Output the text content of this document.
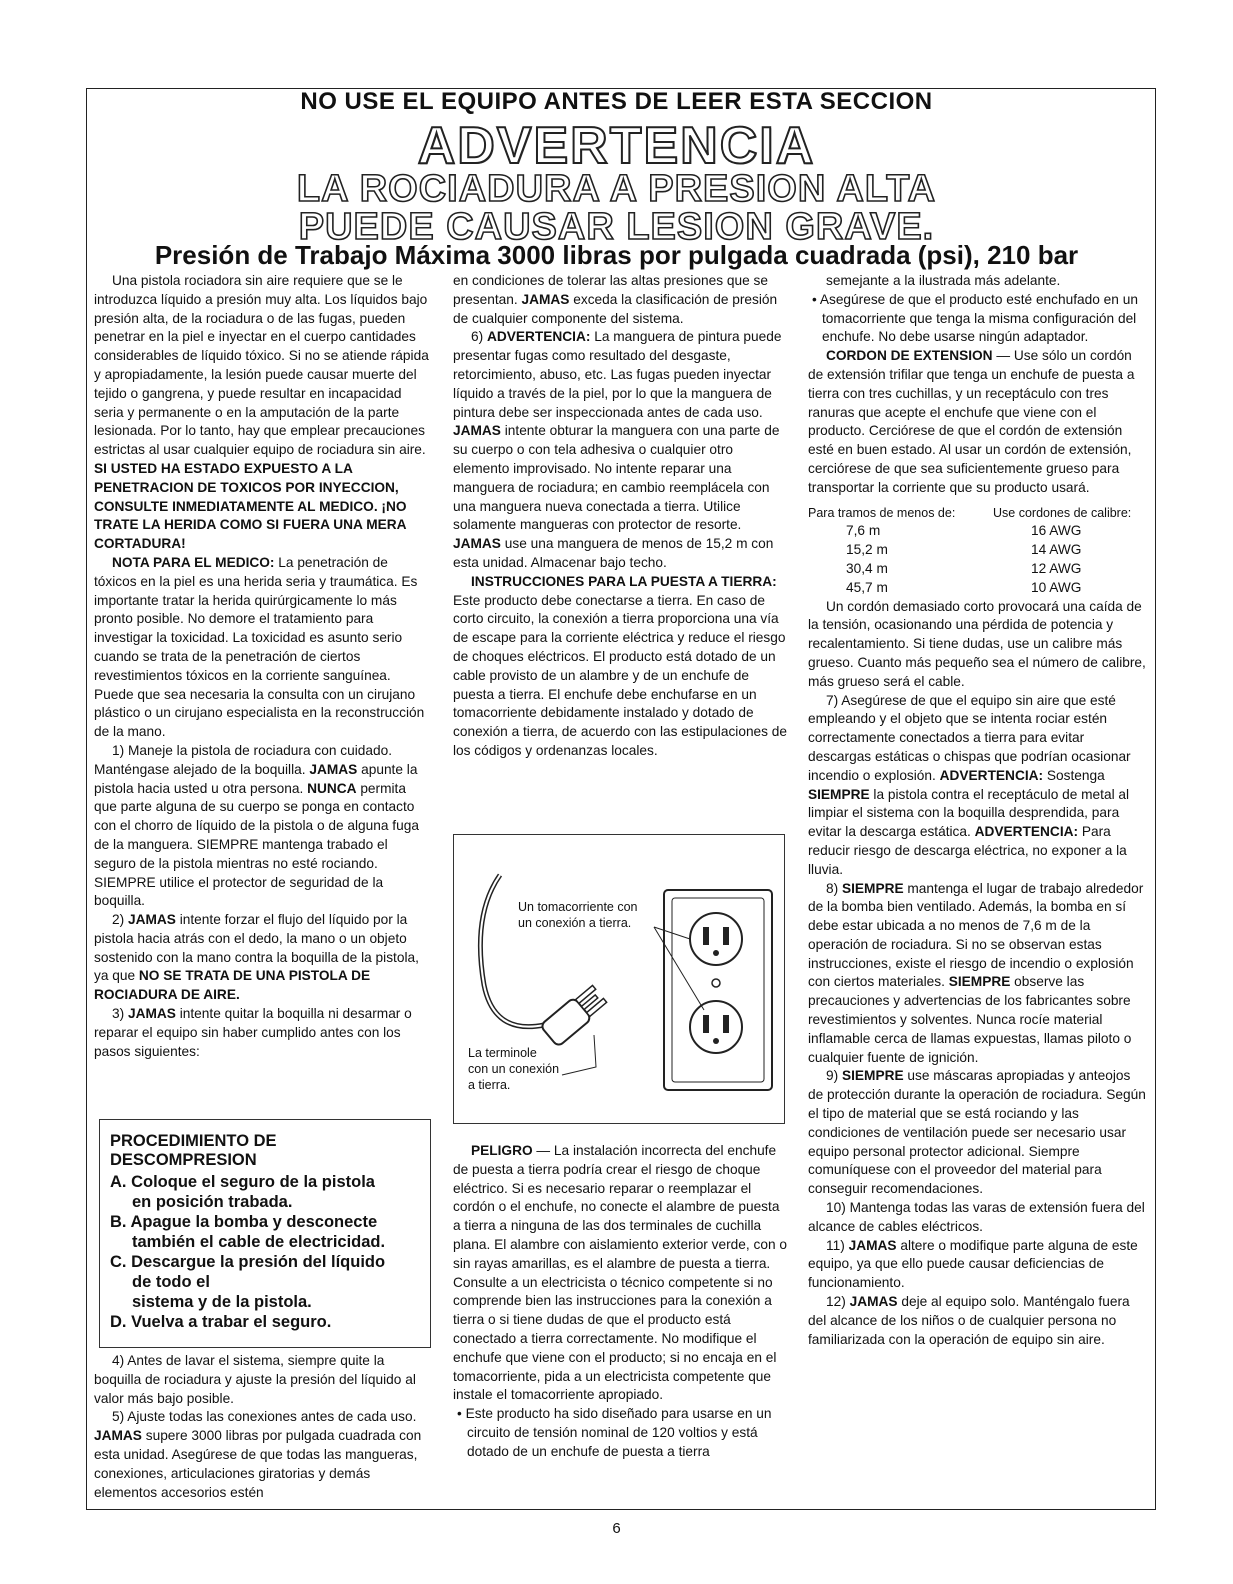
NO USE EL EQUIPO ANTES DE LEER ESTA SECCION
ADVERTENCIA
LA ROCIADURA A PRESION ALTA
PUEDE CAUSAR LESION GRAVE.
Presión de Trabajo Máxima 3000 libras por pulgada cuadrada (psi), 210 bar

Una pistola rociadora sin aire requiere que se le introduzca líquido a presión muy alta. Los líquidos bajo presión alta, de la rociadura o de las fugas, pueden penetrar en la piel e inyectar en el cuerpo cantidades considerables de líquido tóxico. Si no se atiende rápida y apropiadamente, la lesión puede causar muerte del tejido o gangrena, y puede resultar en incapacidad seria y permanente o en la amputación de la parte lesionada. Por lo tanto, hay que emplear precauciones estrictas al usar cualquier equipo de rociadura sin aire. SI USTED HA ESTADO EXPUESTO A LA PENETRACION DE TOXICOS POR INYECCION, CONSULTE INMEDIATAMENTE AL MEDICO. ¡NO TRATE LA HERIDA COMO SI FUERA UNA MERA CORTADURA!

NOTA PARA EL MEDICO: La penetración de tóxicos en la piel es una herida seria y traumática. Es importante tratar la herida quirúrgicamente lo más pronto posible. No demore el tratamiento para investigar la toxicidad. La toxicidad es asunto serio cuando se trata de la penetración de ciertos revestimientos tóxicos en la corriente sanguínea. Puede que sea necesaria la consulta con un cirujano plástico o un cirujano especialista en la reconstrucción de la mano.

1) Maneje la pistola de rociadura con cuidado. Manténgase alejado de la boquilla. JAMAS apunte la pistola hacia usted u otra persona. NUNCA permita que parte alguna de su cuerpo se ponga en contacto con el chorro de líquido de la pistola o de alguna fuga de la manguera. SIEMPRE mantenga trabado el seguro de la pistola mientras no esté rociando. SIEMPRE utilice el protector de seguridad de la boquilla.

2) JAMAS intente forzar el flujo del líquido por la pistola hacia atrás con el dedo, la mano o un objeto sostenido con la mano contra la boquilla de la pistola, ya que NO SE TRATA DE UNA PISTOLA DE ROCIADURA DE AIRE.

3) JAMAS intente quitar la boquilla ni desarmar o reparar el equipo sin haber cumplido antes con los pasos siguientes:

PROCEDIMIENTO DE
DESCOMPRESION
A. Coloque el seguro de la pistola
en posición trabada.
B. Apague la bomba y desconecte
también el cable de electricidad.
C. Descargue la presión del líquido
de todo el
sistema y de la pistola.
D. Vuelva a trabar el seguro.

4) Antes de lavar el sistema, siempre quite la boquilla de rociadura y ajuste la presión del líquido al valor más bajo posible.

5) Ajuste todas las conexiones antes de cada uso. JAMAS supere 3000 libras por pulgada cuadrada con esta unidad. Asegúrese de que todas las mangueras, conexiones, articulaciones giratorias y demás elementos accesorios estén

en condiciones de tolerar las altas presiones que se presentan. JAMAS exceda la clasificación de presión de cualquier componente del sistema.

6) ADVERTENCIA: La manguera de pintura puede presentar fugas como resultado del desgaste, retorcimiento, abuso, etc. Las fugas pueden inyectar líquido a través de la piel, por lo que la manguera de pintura debe ser inspeccionada antes de cada uso. JAMAS intente obturar la manguera con una parte de su cuerpo o con tela adhesiva o cualquier otro elemento improvisado. No intente reparar una manguera de rociadura; en cambio reemplácela con una manguera nueva conectada a tierra. Utilice solamente mangueras con protector de resorte. JAMAS use una manguera de menos de 15,2 m con esta unidad. Almacenar bajo techo.

INSTRUCCIONES PARA LA PUESTA A TIERRA: Este producto debe conectarse a tierra. En caso de corto circuito, la conexión a tierra proporciona una vía de escape para la corriente eléctrica y reduce el riesgo de choques eléctricos. El producto está dotado de un cable provisto de un alambre y de un enchufe de puesta a tierra. El enchufe debe enchufarse en un tomacorriente debidamente instalado y dotado de conexión a tierra, de acuerdo con las estipulaciones de los códigos y ordenanzas locales.

Un tomacorriente con
un conexión a tierra.
La terminole
con un conexión
a tierra.

PELIGRO — La instalación incorrecta del enchufe de puesta a tierra podría crear el riesgo de choque eléctrico. Si es necesario reparar o reemplazar el cordón o el enchufe, no conecte el alambre de puesta a tierra a ninguna de las dos terminales de cuchilla plana. El alambre con aislamiento exterior verde, con o sin rayas amarillas, es el alambre de puesta a tierra. Consulte a un electricista o técnico competente si no comprende bien las instrucciones para la conexión a tierra o si tiene dudas de que el producto está conectado a tierra correctamente. No modifique el enchufe que viene con el producto; si no encaja en el tomacorriente, pida a un electricista competente que instale el tomacorriente apropiado.

• Este producto ha sido diseñado para usarse en un circuito de tensión nominal de 120 voltios y está dotado de un enchufe de puesta a tierra

semejante a la ilustrada más adelante.

• Asegúrese de que el producto esté enchufado en un tomacorriente que tenga la misma configuración del enchufe. No debe usarse ningún adaptador.

CORDON DE EXTENSION — Use sólo un cordón de extensión trifilar que tenga un enchufe de puesta a tierra con tres cuchillas, y un receptáculo con tres ranuras que acepte el enchufe que viene con el producto. Cerciórese de que el cordón de extensión esté en buen estado. Al usar un cordón de extensión, cerciórese de que sea suficientemente grueso para transportar la corriente que su producto usará.

Para tramos de menos de:	Use cordones de calibre:
7,6 m	16 AWG
15,2 m	14 AWG
30,4 m	12 AWG
45,7 m	10 AWG

Un cordón demasiado corto provocará una caída de la tensión, ocasionando una pérdida de potencia y recalentamiento. Si tiene dudas, use un calibre más grueso. Cuanto más pequeño sea el número de calibre, más grueso será el cable.

7) Asegúrese de que el equipo sin aire que esté empleando y el objeto que se intenta rociar estén correctamente conectados a tierra para evitar descargas estáticas o chispas que podrían ocasionar incendio o explosión. ADVERTENCIA: Sostenga SIEMPRE la pistola contra el receptáculo de metal al limpiar el sistema con la boquilla desprendida, para evitar la descarga estática. ADVERTENCIA: Para reducir riesgo de descarga eléctrica, no exponer a la lluvia.

8) SIEMPRE mantenga el lugar de trabajo alrededor de la bomba bien ventilado. Además, la bomba en sí debe estar ubicada a no menos de 7,6 m de la operación de rociadura. Si no se observan estas instrucciones, existe el riesgo de incendio o explosión con ciertos materiales. SIEMPRE observe las precauciones y advertencias de los fabricantes sobre revestimientos y solventes. Nunca rocíe material inflamable cerca de llamas expuestas, llamas piloto o cualquier fuente de ignición.

9) SIEMPRE use máscaras apropiadas y anteojos de protección durante la operación de rociadura. Según el tipo de material que se está rociando y las condiciones de ventilación puede ser necesario usar equipo personal protector adicional. Siempre comuníquese con el proveedor del material para conseguir recomendaciones.

10) Mantenga todas las varas de extensión fuera del alcance de cables eléctricos.

11) JAMAS altere o modifique parte alguna de este equipo, ya que ello puede causar deficiencias de funcionamiento.

12) JAMAS deje al equipo solo. Manténgalo fuera del alcance de los niños o de cualquier persona no familiarizada con la operación de equipo sin aire.

6
